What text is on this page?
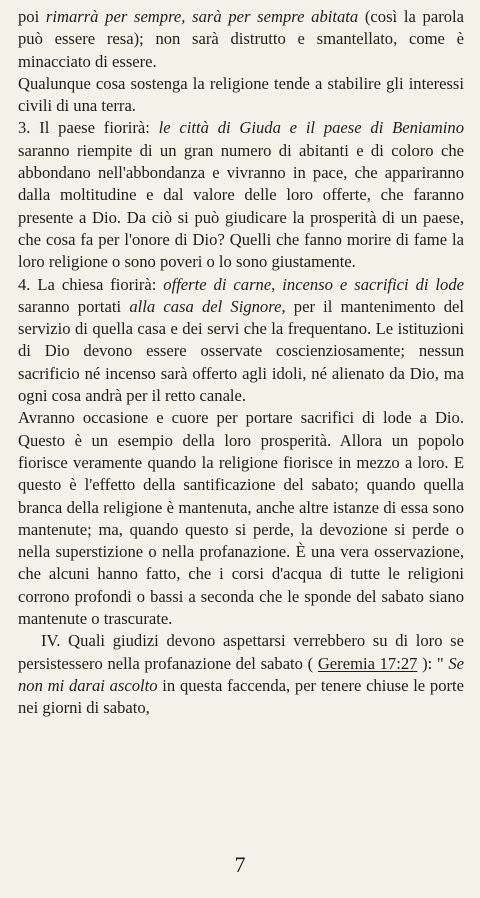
poi rimarrà per sempre, sarà per sempre abitata (così la parola può essere resa); non sarà distrutto e smantellato, come è minacciato di essere.

Qualunque cosa sostenga la religione tende a stabilire gli interessi civili di una terra.

3. Il paese fiorirà: le città di Giuda e il paese di Beniamino saranno riempite di un gran numero di abitanti e di coloro che abbondano nell'abbondanza e vivranno in pace, che appariranno dalla moltitudine e dal valore delle loro offerte, che faranno presente a Dio. Da ciò si può giudicare la prosperità di un paese, che cosa fa per l'onore di Dio? Quelli che fanno morire di fame la loro religione o sono poveri o lo sono giustamente.

4. La chiesa fiorirà: offerte di carne, incenso e sacrifici di lode saranno portati alla casa del Signore, per il mantenimento del servizio di quella casa e dei servi che la frequentano. Le istituzioni di Dio devono essere osservate coscienziosamente; nessun sacrificio né incenso sarà offerto agli idoli, né alienato da Dio, ma ogni cosa andrà per il retto canale.

Avranno occasione e cuore per portare sacrifici di lode a Dio. Questo è un esempio della loro prosperità. Allora un popolo fiorisce veramente quando la religione fiorisce in mezzo a loro. E questo è l'effetto della santificazione del sabato; quando quella branca della religione è mantenuta, anche altre istanze di essa sono mantenute; ma, quando questo si perde, la devozione si perde o nella superstizione o nella profanazione. È una vera osservazione, che alcuni hanno fatto, che i corsi d'acqua di tutte le religioni corrono profondi o bassi a seconda che le sponde del sabato siano mantenute o trascurate.

IV. Quali giudizi devono aspettarsi verrebbero su di loro se persistessero nella profanazione del sabato ( Geremia 17:27 ): " Se non mi darai ascolto in questa faccenda, per tenere chiuse le porte nei giorni di sabato,

7
